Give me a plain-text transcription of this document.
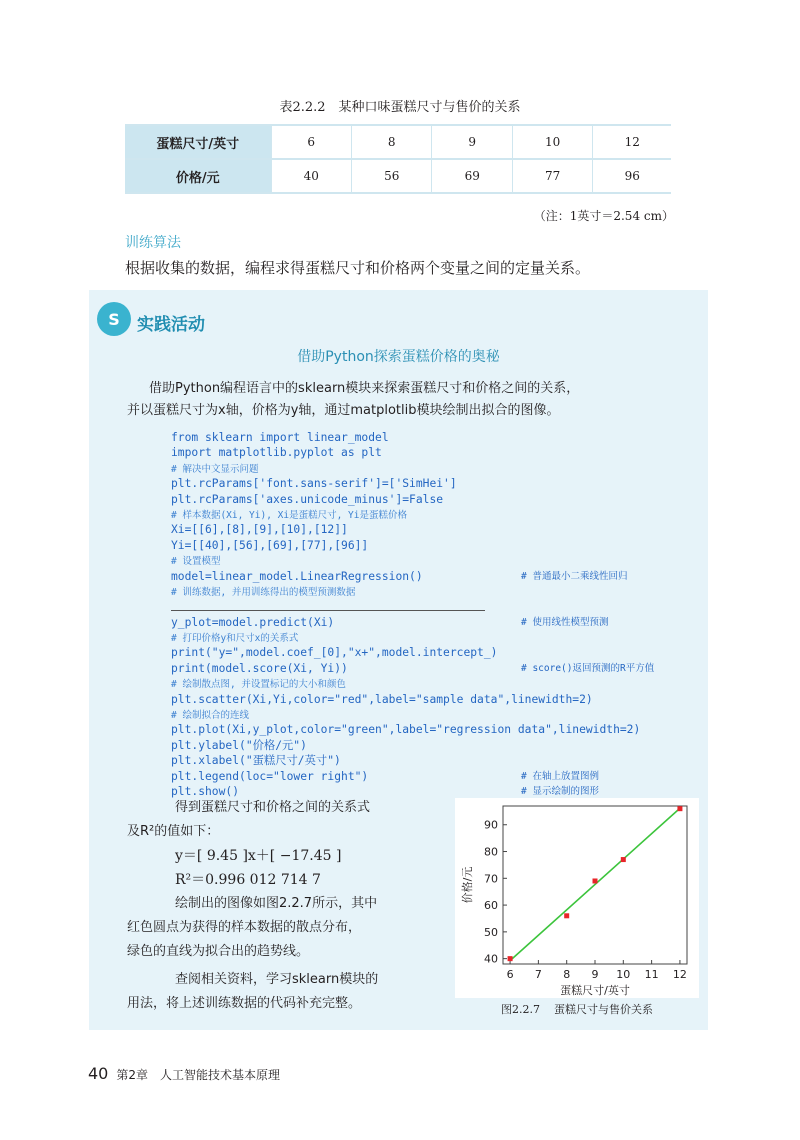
表2.2.2　某种口味蛋糕尺寸与售价的关系
蛋糕尺寸/英寸	6	8	9	10	12
价格/元	40	56	69	77	96
（注：1英寸＝2.54 cm）
训练算法
根据收集的数据，编程求得蛋糕尺寸和价格两个变量之间的定量关系。
S	实践活动
借助Python探索蛋糕价格的奥秘
借助Python编程语言中的sklearn模块来探索蛋糕尺寸和价格之间的关系，
并以蛋糕尺寸为x轴，价格为y轴，通过matplotlib模块绘制出拟合的图像。
from sklearn import linear_model
import matplotlib.pyplot as plt
# 解决中文显示问题
plt.rcParams['font.sans-serif']=['SimHei']
plt.rcParams['axes.unicode_minus']=False
# 样本数据(Xi, Yi), Xi是蛋糕尺寸, Yi是蛋糕价格
Xi=[[6],[8],[9],[10],[12]]
Yi=[[40],[56],[69],[77],[96]]
# 设置模型
model=linear_model.LinearRegression()	# 普通最小二乘线性回归
# 训练数据, 并用训练得出的模型预测数据
y_plot=model.predict(Xi)	# 使用线性模型预测
# 打印价格y和尺寸x的关系式
print("y=",model.coef_[0],"x+",model.intercept_)
print(model.score(Xi, Yi))	# score()返回预测的R平方值
# 绘制散点图, 并设置标记的大小和颜色
plt.scatter(Xi,Yi,color="red",label="sample data",linewidth=2)
# 绘制拟合的连线
plt.plot(Xi,y_plot,color="green",label="regression data",linewidth=2)
plt.ylabel("价格/元")
plt.xlabel("蛋糕尺寸/英寸")
plt.legend(loc="lower right")	# 在轴上放置图例
plt.show()	# 显示绘制的图形
得到蛋糕尺寸和价格之间的关系式
及R²的值如下：
y＝[ 9.45 ]x＋[ −17.45 ]
R²＝0.996 012 714 7
绘制出的图像如图2.2.7所示，其中
红色圆点为获得的样本数据的散点分布，
绿色的直线为拟合出的趋势线。
查阅相关资料，学习sklearn模块的
用法，将上述训练数据的代码补充完整。
6 7 8 9 10 11 12
40
50
60
70
80
90
蛋糕尺寸/英寸
价格/元
图2.2.7 蛋糕尺寸与售价关系
40 第2章　人工智能技术基本原理
